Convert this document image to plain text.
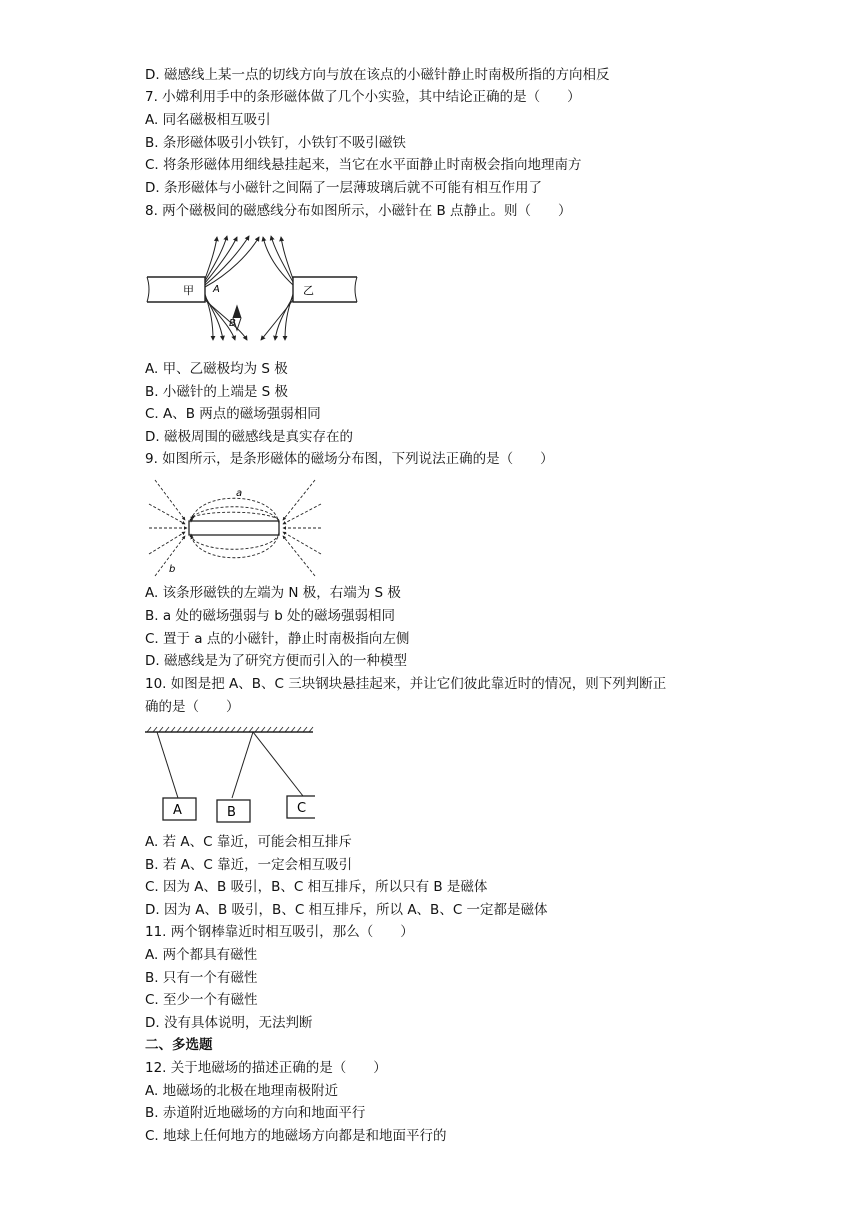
D. 磁感线上某一点的切线方向与放在该点的小磁针静止时南极所指的方向相反
7. 小嫦利用手中的条形磁体做了几个小实验，其中结论正确的是（　　）
A. 同名磁极相互吸引
B. 条形磁体吸引小铁钉，小铁钉不吸引磁铁
C. 将条形磁体用细线悬挂起来，当它在水平面静止时南极会指向地理南方
D. 条形磁体与小磁针之间隔了一层薄玻璃后就不可能有相互作用了
8. 两个磁极间的磁感线分布如图所示，小磁针在 B 点静止。则（　　）
甲	乙
A
B
A. 甲、乙磁极均为 S 极
B. 小磁针的上端是 S 极
C. A、B 两点的磁场强弱相同
D. 磁极周围的磁感线是真实存在的
9. 如图所示，是条形磁体的磁场分布图，下列说法正确的是（　　）
a
b
A. 该条形磁铁的左端为 N 极，右端为 S 极
B. a 处的磁场强弱与 b 处的磁场强弱相同
C. 置于 a 点的小磁针，静止时南极指向左侧
D. 磁感线是为了研究方便而引入的一种模型
10. 如图是把 A、B、C 三块钢块悬挂起来，并让它们彼此靠近时的情况，则下列判断正
确的是（　　）
A	B	C
A. 若 A、C 靠近，可能会相互排斥
B. 若 A、C 靠近，一定会相互吸引
C. 因为 A、B 吸引，B、C 相互排斥，所以只有 B 是磁体
D. 因为 A、B 吸引，B、C 相互排斥，所以 A、B、C 一定都是磁体
11. 两个钢棒靠近时相互吸引，那么（　　）
A. 两个都具有磁性
B. 只有一个有磁性
C. 至少一个有磁性
D. 没有具体说明，无法判断
二、多选题
12. 关于地磁场的描述正确的是（　　）
A. 地磁场的北极在地理南极附近
B. 赤道附近地磁场的方向和地面平行
C. 地球上任何地方的地磁场方向都是和地面平行的
